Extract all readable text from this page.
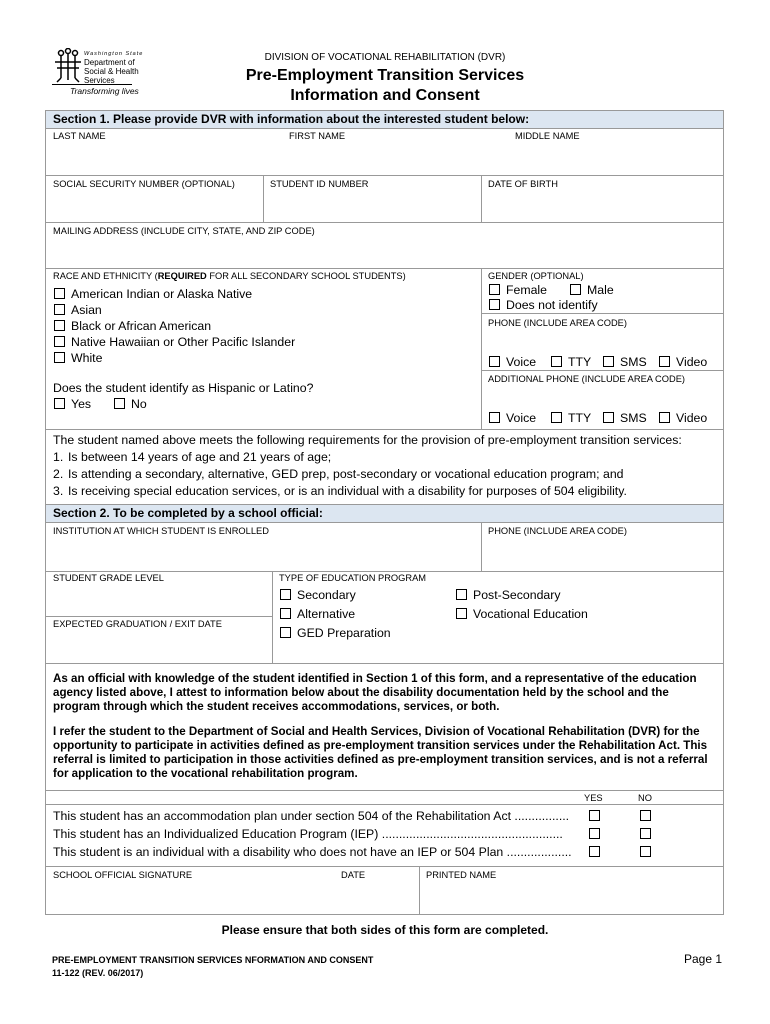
Washington State
Department of Social & Health Services
Transforming lives
DIVISION OF VOCATIONAL REHABILITATION (DVR)
Pre-Employment Transition Services
Information and Consent
Section 1. Please provide DVR with information about the interested student below:
LAST NAME	FIRST NAME	MIDDLE NAME
SOCIAL SECURITY NUMBER (OPTIONAL)	STUDENT ID NUMBER	DATE OF BIRTH
MAILING ADDRESS (INCLUDE CITY, STATE, AND ZIP CODE)
RACE AND ETHNICITY (REQUIRED FOR ALL SECONDARY SCHOOL STUDENTS)
American Indian or Alaska Native
Asian
Black or African American
Native Hawaiian or Other Pacific Islander
White
Does the student identify as Hispanic or Latino?
Yes	No
GENDER (OPTIONAL)
Female	Male
Does not identify
PHONE (INCLUDE AREA CODE)
Voice	TTY	SMS	Video
ADDITIONAL PHONE (INCLUDE AREA CODE)
Voice	TTY	SMS	Video
The student named above meets the following requirements for the provision of pre-employment transition services:
1. Is between 14 years of age and 21 years of age;
2. Is attending a secondary, alternative, GED prep, post-secondary or vocational education program; and
3. Is receiving special education services, or is an individual with a disability for purposes of 504 eligibility.
Section 2. To be completed by a school official:
INSTITUTION AT WHICH STUDENT IS ENROLLED	PHONE (INCLUDE AREA CODE)
STUDENT GRADE LEVEL
EXPECTED GRADUATION / EXIT DATE
TYPE OF EDUCATION PROGRAM
Secondary
Alternative
GED Preparation
Post-Secondary
Vocational Education
As an official with knowledge of the student identified in Section 1 of this form, and a representative of the education agency listed above, I attest to information below about the disability documentation held by the school and the program through which the student receives accommodations, services, or both.
I refer the student to the Department of Social and Health Services, Division of Vocational Rehabilitation (DVR) for the opportunity to participate in activities defined as pre-employment transition services under the Rehabilitation Act. This referral is limited to participation in those activities defined as pre-employment transition services, and is not a referral for application to the vocational rehabilitation program.
YES	NO
This student has an accommodation plan under section 504 of the Rehabilitation Act ................
This student has an Individualized Education Program (IEP) .....................................................
This student is an individual with a disability who does not have an IEP or 504 Plan ...................
SCHOOL OFFICIAL SIGNATURE	DATE	PRINTED NAME
Please ensure that both sides of this form are completed.
PRE-EMPLOYMENT TRANSITION SERVICES NFORMATION AND CONSENT
11-122 (REV. 06/2017)
Page 1
